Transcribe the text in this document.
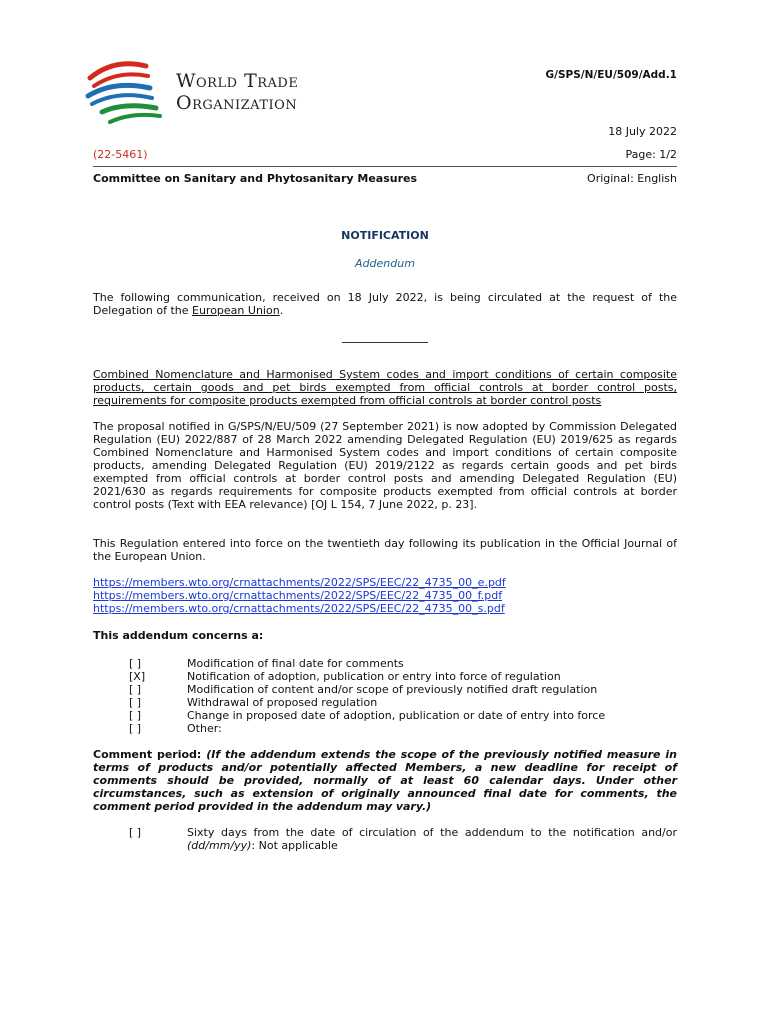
World Trade
Organization
G/SPS/N/EU/509/Add.1
18 July 2022
(22-5461)	Page: 1/2
Committee on Sanitary and Phytosanitary Measures	Original: English
NOTIFICATION
Addendum
The following communication, received on 18 July 2022, is being circulated at the request of the Delegation of the European Union.
Combined Nomenclature and Harmonised System codes and import conditions of certain composite products, certain goods and pet birds exempted from official controls at border control posts, requirements for composite products exempted from official controls at border control posts
The proposal notified in G/SPS/N/EU/509 (27 September 2021) is now adopted by Commission Delegated Regulation (EU) 2022/887 of 28 March 2022 amending Delegated Regulation (EU) 2019/625 as regards Combined Nomenclature and Harmonised System codes and import conditions of certain composite products, amending Delegated Regulation (EU) 2019/2122 as regards certain goods and pet birds exempted from official controls at border control posts and amending Delegated Regulation (EU) 2021/630 as regards requirements for composite products exempted from official controls at border control posts (Text with EEA relevance) [OJ L 154, 7 June 2022, p. 23].
This Regulation entered into force on the twentieth day following its publication in the Official Journal of the European Union.
https://members.wto.org/crnattachments/2022/SPS/EEC/22_4735_00_e.pdf
https://members.wto.org/crnattachments/2022/SPS/EEC/22_4735_00_f.pdf
https://members.wto.org/crnattachments/2022/SPS/EEC/22_4735_00_s.pdf
This addendum concerns a:
[ ]	Modification of final date for comments
[X]	Notification of adoption, publication or entry into force of regulation
[ ]	Modification of content and/or scope of previously notified draft regulation
[ ]	Withdrawal of proposed regulation
[ ]	Change in proposed date of adoption, publication or date of entry into force
[ ]	Other:
Comment period: (If the addendum extends the scope of the previously notified measure in terms of products and/or potentially affected Members, a new deadline for receipt of comments should be provided, normally of at least 60 calendar days. Under other circumstances, such as extension of originally announced final date for comments, the comment period provided in the addendum may vary.)
[ ]	Sixty days from the date of circulation of the addendum to the notification and/or (dd/mm/yy): Not applicable
